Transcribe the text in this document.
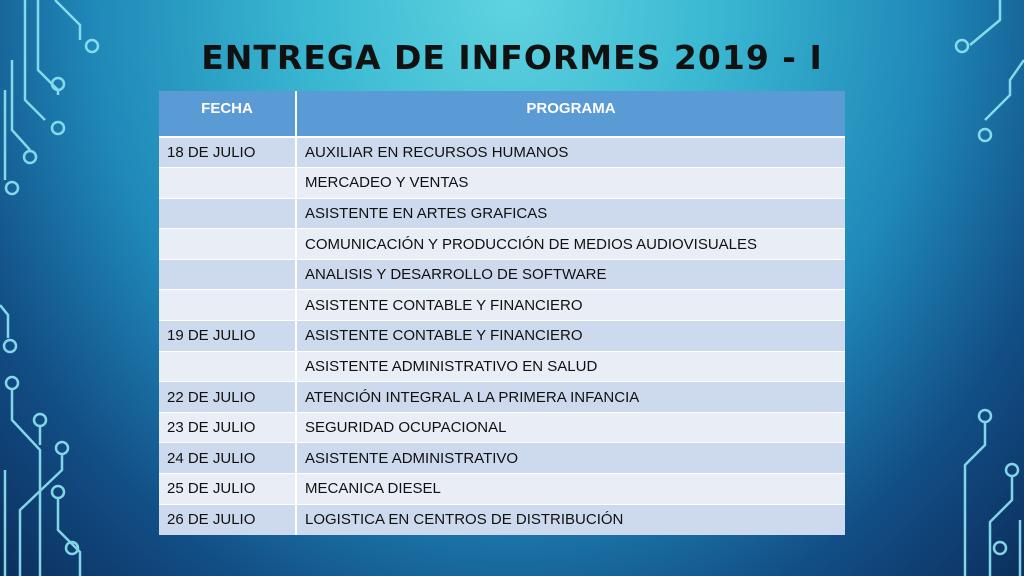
ENTREGA DE INFORMES 2019 - I
FECHA	PROGRAMA
18 DE JULIO	AUXILIAR EN RECURSOS HUMANOS
	MERCADEO Y VENTAS
	ASISTENTE EN ARTES GRAFICAS
	COMUNICACIÓN Y PRODUCCIÓN DE MEDIOS AUDIOVISUALES
	ANALISIS Y DESARROLLO DE SOFTWARE
	ASISTENTE CONTABLE Y FINANCIERO
19 DE JULIO	ASISTENTE CONTABLE Y FINANCIERO
	ASISTENTE ADMINISTRATIVO EN SALUD
22 DE JULIO	ATENCIÓN INTEGRAL A LA PRIMERA INFANCIA
23 DE JULIO	SEGURIDAD OCUPACIONAL
24 DE JULIO	ASISTENTE ADMINISTRATIVO
25 DE JULIO	MECANICA DIESEL
26 DE JULIO	LOGISTICA EN CENTROS DE DISTRIBUCIÓN
